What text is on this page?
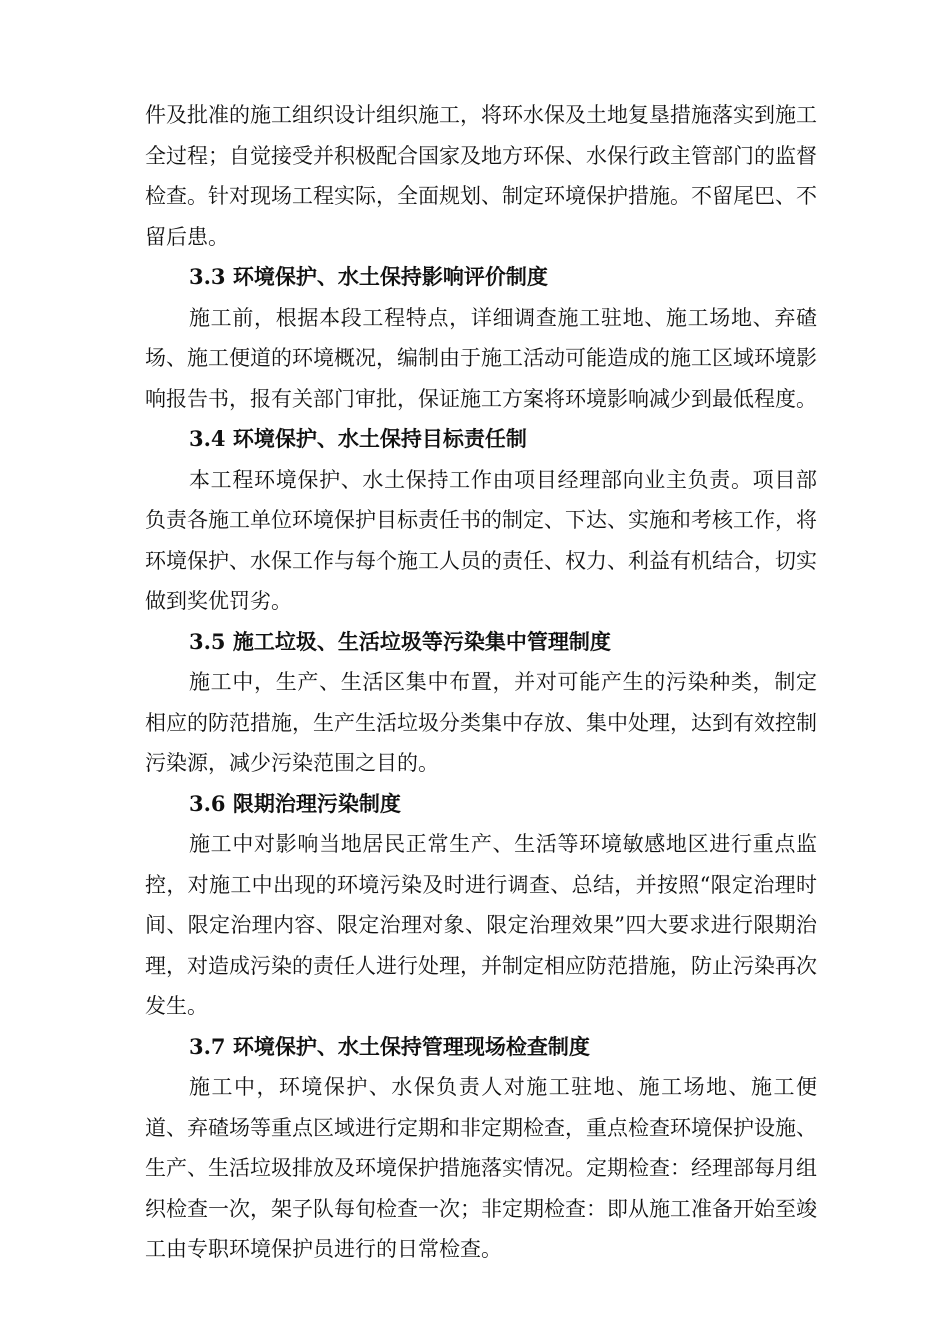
件及批准的施工组织设计组织施工，将环水保及土地复垦措施落实到施工全过程；自觉接受并积极配合国家及地方环保、水保行政主管部门的监督检查。针对现场工程实际，全面规划、制定环境保护措施。不留尾巴、不留后患。

3.3 环境保护、水土保持影响评价制度

施工前，根据本段工程特点，详细调查施工驻地、施工场地、弃碴场、施工便道的环境概况，编制由于施工活动可能造成的施工区域环境影响报告书，报有关部门审批，保证施工方案将环境影响减少到最低程度。

3.4 环境保护、水土保持目标责任制

本工程环境保护、水土保持工作由项目经理部向业主负责。项目部负责各施工单位环境保护目标责任书的制定、下达、实施和考核工作，将环境保护、水保工作与每个施工人员的责任、权力、利益有机结合，切实做到奖优罚劣。

3.5 施工垃圾、生活垃圾等污染集中管理制度

施工中，生产、生活区集中布置，并对可能产生的污染种类，制定相应的防范措施，生产生活垃圾分类集中存放、集中处理，达到有效控制污染源，减少污染范围之目的。

3.6 限期治理污染制度

施工中对影响当地居民正常生产、生活等环境敏感地区进行重点监控，对施工中出现的环境污染及时进行调查、总结，并按照“限定治理时间、限定治理内容、限定治理对象、限定治理效果”四大要求进行限期治理，对造成污染的责任人进行处理，并制定相应防范措施，防止污染再次发生。

3.7 环境保护、水土保持管理现场检查制度

施工中，环境保护、水保负责人对施工驻地、施工场地、施工便道、弃碴场等重点区域进行定期和非定期检查，重点检查环境保护设施、生产、生活垃圾排放及环境保护措施落实情况。定期检查：经理部每月组织检查一次，架子队每旬检查一次；非定期检查：即从施工准备开始至竣工由专职环境保护员进行的日常检查。
